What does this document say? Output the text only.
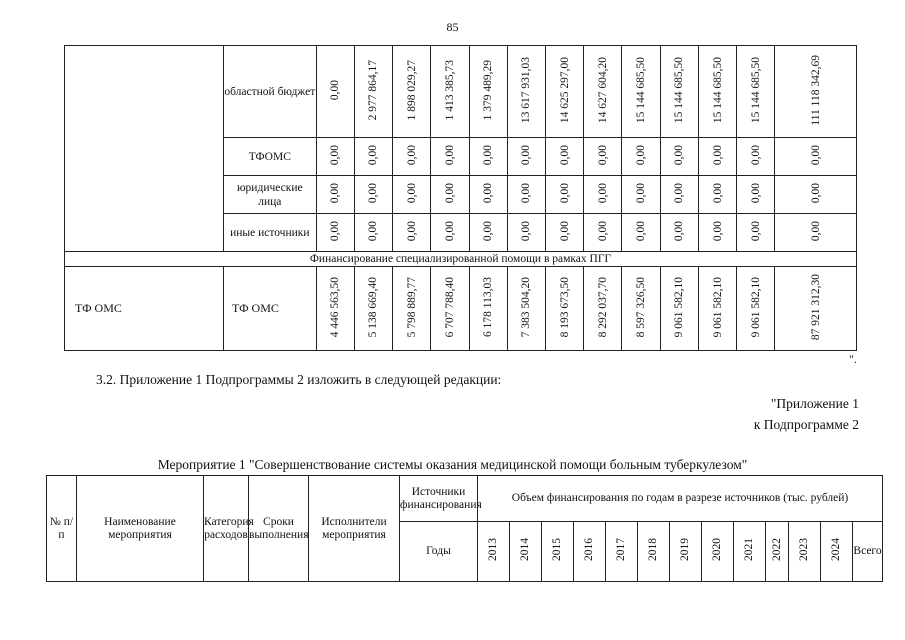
85
	областной бюджет	0,00	2 977 864,17	1 898 029,27	1 413 385,73	1 379 489,29	13 617 931,03	14 625 297,00	14 627 604,20	15 144 685,50	15 144 685,50	15 144 685,50	15 144 685,50	111 118 342,69
	ТФОМС	0,00	0,00	0,00	0,00	0,00	0,00	0,00	0,00	0,00	0,00	0,00	0,00	0,00
	юридические лица	0,00	0,00	0,00	0,00	0,00	0,00	0,00	0,00	0,00	0,00	0,00	0,00	0,00
	иные источники	0,00	0,00	0,00	0,00	0,00	0,00	0,00	0,00	0,00	0,00	0,00	0,00	0,00
Финансирование специализированной помощи в рамках ПГГ														
ТФ ОМС	ТФ ОМС	4 446 563,50	5 138 669,40	5 798 889,77	6 707 788,40	6 178 113,03	7 383 504,20	8 193 673,50	8 292 037,70	8 597 326,50	9 061 582,10	9 061 582,10	9 061 582,10	87 921 312,30
".
3.2. Приложение 1 Подпрограммы 2 изложить в следующей редакции:
"Приложение 1
к Подпрограмме 2
Мероприятие 1 "Совершенствование системы оказания медицинской помощи больным туберкулезом"
№ п/п	Наименование мероприятия	Категория расходов	Сроки выполнения	Исполнители мероприятия	Источники финансирования	Объем финансирования по годам в разрезе источников (тыс. рублей)												
					Годы	2013	2014	2015	2016	2017	2018	2019	2020	2021	2022	2023	2024	Всего
